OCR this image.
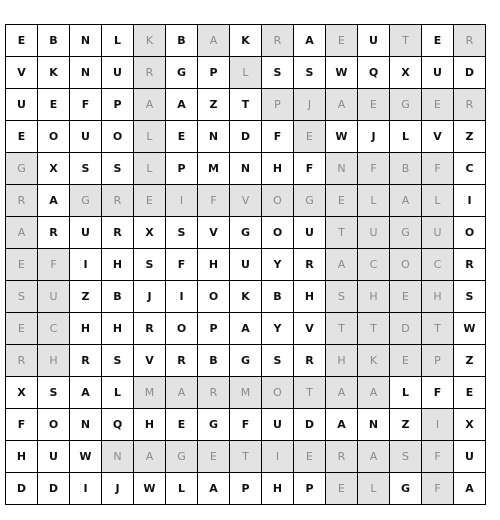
E	B	N	L	K	B	A	K	R	A	E	U	T	E	R
V	K	N	U	R	G	P	L	S	S	W	Q	X	U	D
U	E	F	P	A	A	Z	T	P	J	A	E	G	E	R
E	O	U	O	L	E	N	D	F	E	W	J	L	V	Z
G	X	S	S	L	P	M	N	H	F	N	F	B	F	C
R	A	G	R	E	I	F	V	O	G	E	L	A	L	I
A	R	U	R	X	S	V	G	O	U	T	U	G	U	O
E	F	I	H	S	F	H	U	Y	R	A	C	O	C	R
S	U	Z	B	J	I	O	K	B	H	S	H	E	H	S
E	C	H	H	R	O	P	A	Y	V	T	T	D	T	W
R	H	R	S	V	R	B	G	S	R	H	K	E	P	Z
X	S	A	L	M	A	R	M	O	T	A	A	L	F	E
F	O	N	Q	H	E	G	F	U	D	A	N	Z	I	X
H	U	W	N	A	G	E	T	I	E	R	A	S	F	U
D	D	I	J	W	L	A	P	H	P	E	L	G	F	A
